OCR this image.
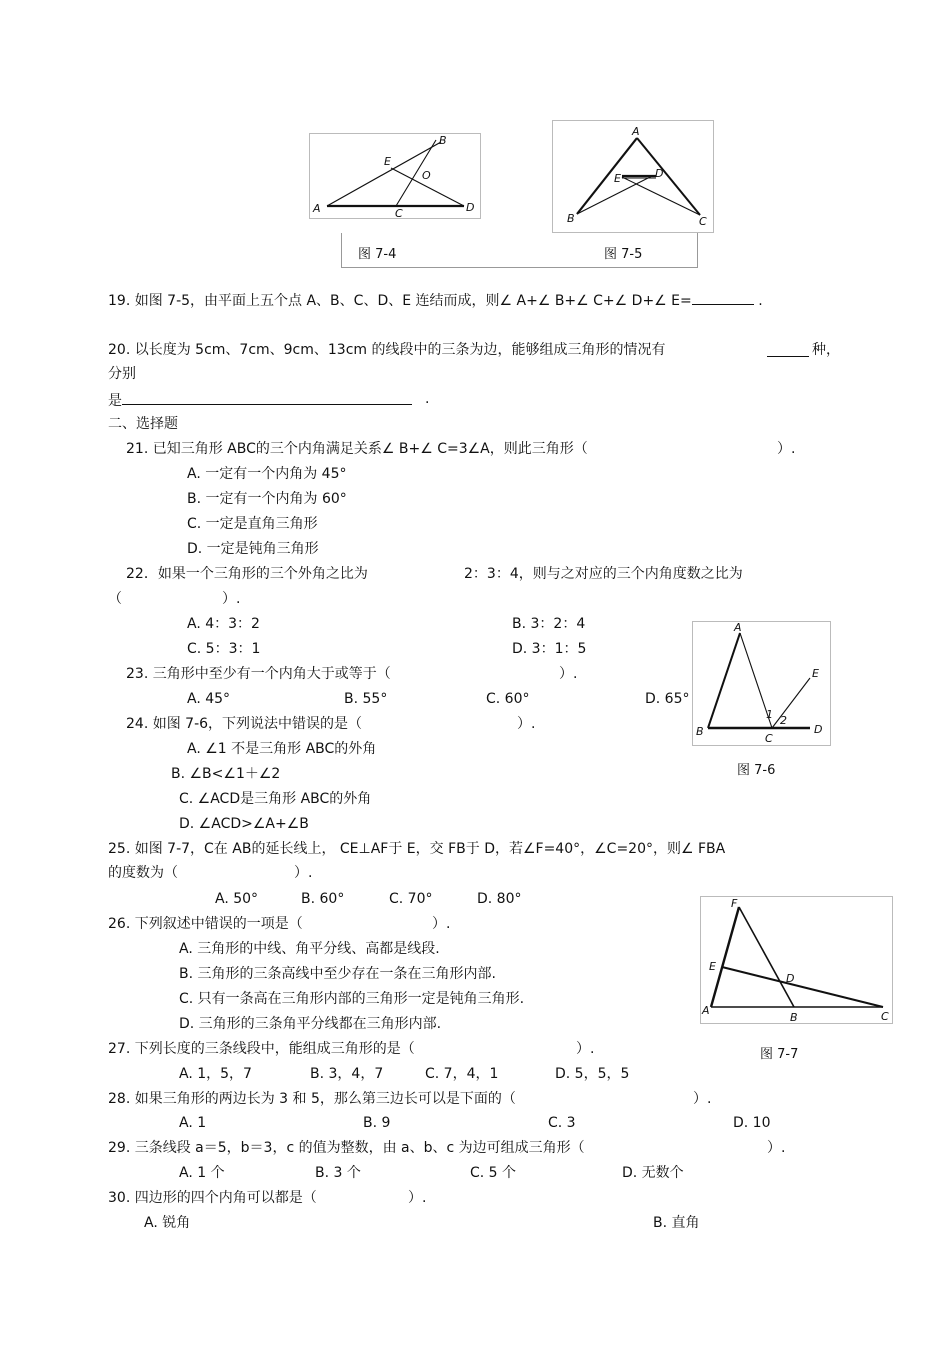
A
B
C	D
E
O
A
B	C
D
E
图 7-4	图 7-5
19. 如图 7-5，由平面上五个点 A、B、C、D、E 连结而成，则∠ A+∠ B+∠ C+∠ D+∠ E=	.
20. 以长度为 5cm、7cm、9cm、13cm 的线段中的三条为边，能够组成三角形的情况有	种，
分别
是	.
二、选择题
21. 已知三角形 ABC的三个内角满足关系∠ B+∠ C=3∠A，则此三角形（	）.
A. 一定有一个内角为 45°
B. 一定有一个内角为 60°
C. 一定是直角三角形
D. 一定是钝角三角形
22．如果一个三角形的三个外角之比为	2：3：4，则与之对应的三个内角度数之比为
（	）.
A. 4：3：2	B. 3：2：4
C. 5：3：1	D. 3：1：5
A
B
C
D
E
1 2
图 7-6
23. 三角形中至少有一个内角大于或等于（	）.
A. 45°	B. 55°	C. 60°	D. 65°
24. 如图 7-6，下列说法中错误的是（	）.
A. ∠1 不是三角形 ABC的外角
B. ∠B<∠1＋∠2
C. ∠ACD是三角形 ABC的外角
D. ∠ACD>∠A+∠B
25. 如图 7-7，C在 AB的延长线上， CE⊥AF于 E，交 FB于 D，若∠F=40°，∠C=20°，则∠ FBA
的度数为（	）.
A. 50°	B. 60°	C. 70°	D. 80°
A
B	C
D
E
F
图 7-7
26. 下列叙述中错误的一项是（	）.
A. 三角形的中线、角平分线、高都是线段.
B. 三角形的三条高线中至少存在一条在三角形内部.
C. 只有一条高在三角形内部的三角形一定是钝角三角形.
D. 三角形的三条角平分线都在三角形内部.
27. 下列长度的三条线段中，能组成三角形的是（	）.
A. 1，5，7	B. 3，4，7	C. 7，4，1	D. 5，5，5
28. 如果三角形的两边长为 3 和 5，那么第三边长可以是下面的（	）.
A. 1	B. 9	C. 3	D. 10
29. 三条线段 a＝5，b＝3，c 的值为整数，由 a、b、c 为边可组成三角形（	）.
A. 1 个	B. 3 个	C. 5 个	D. 无数个
30. 四边形的四个内角可以都是（	）.
A. 锐角	B. 直角
